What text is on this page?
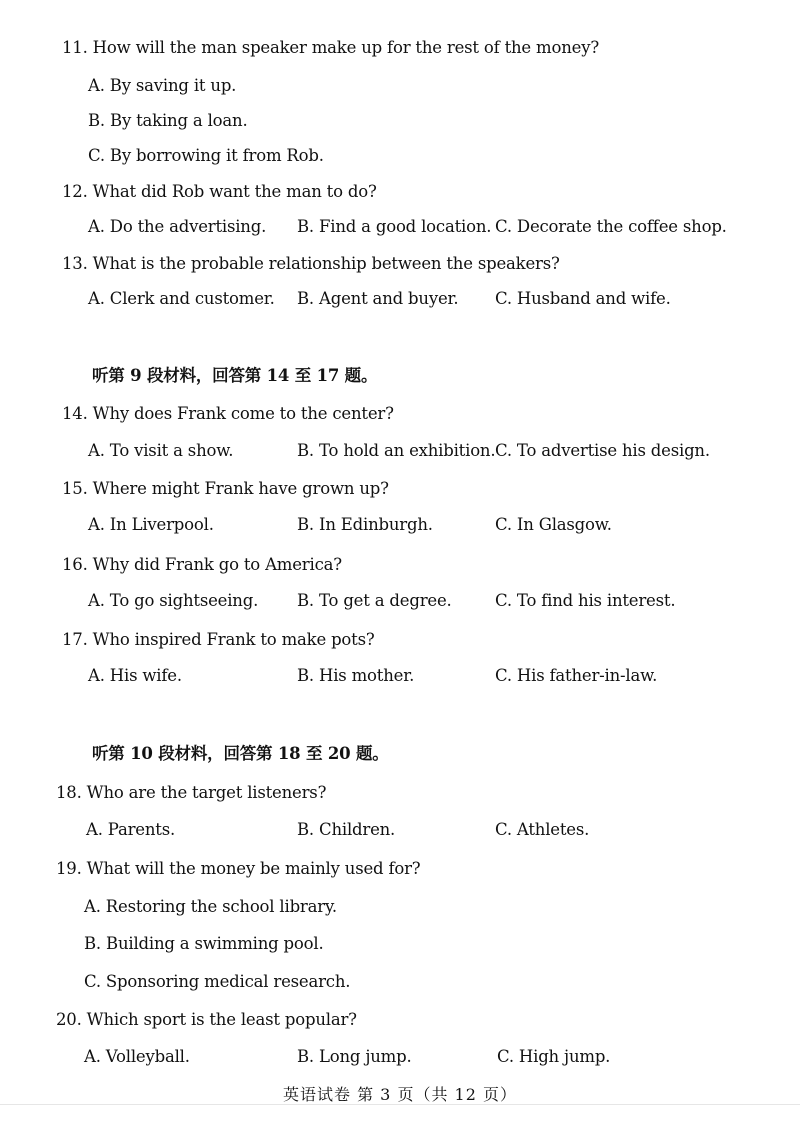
11. How will the man speaker make up for the rest of the money?
A. By saving it up.
B. By taking a loan.
C. By borrowing it from Rob.
12. What did Rob want the man to do?
A. Do the advertising. B. Find a good location. C. Decorate the coffee shop.
13. What is the probable relationship between the speakers?
A. Clerk and customer. B. Agent and buyer. C. Husband and wife.
听第 9 段材料，回答第 14 至 17 题。
14. Why does Frank come to the center?
A. To visit a show.	B. To hold an exhibition. C. To advertise his design.
15. Where might Frank have grown up?
A. In Liverpool.	B. In Edinburgh.	C. In Glasgow.
16. Why did Frank go to America?
A. To go sightseeing. B. To get a degree.	C. To find his interest.
17. Who inspired Frank to make pots?
A. His wife.	B. His mother.	C. His father-in-law.
听第 10 段材料，回答第 18 至 20 题。
18. Who are the target listeners?
A. Parents.	B. Children.	C. Athletes.
19. What will the money be mainly used for?
A. Restoring the school library.
B. Building a swimming pool.
C. Sponsoring medical research.
20. Which sport is the least popular?
A. Volleyball.	B. Long jump.	C. High jump.
英语试卷 第 3 页（共 12 页）
